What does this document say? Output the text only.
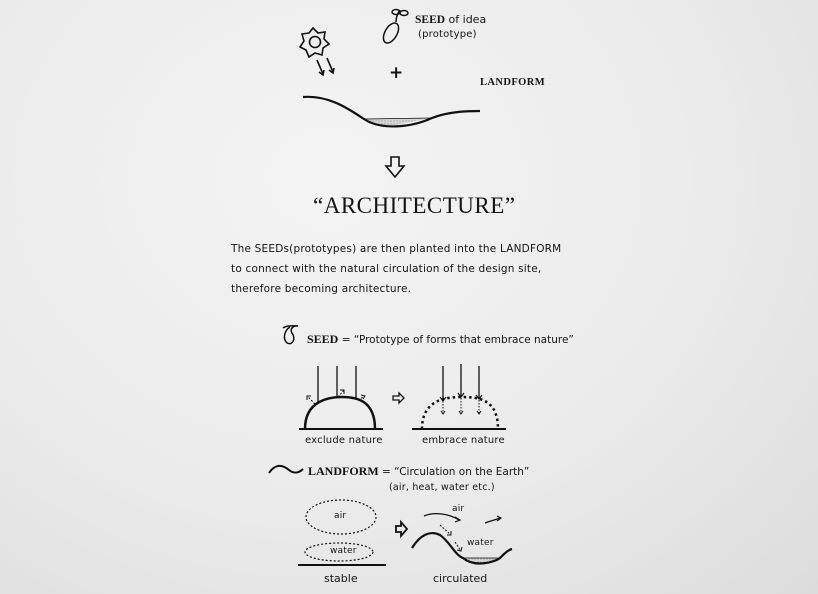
SEED of idea
(prototype)
+	LANDFORM
“ARCHITECTURE”
The SEEDs(prototypes) are then planted into the LANDFORM
to connect with the natural circulation of the design site,
therefore becoming architecture.
SEED = “Prototype of forms that embrace nature”
exclude nature	embrace nature
LANDFORM = “Circulation on the Earth”
(air, heat, water etc.)
air
water
stable
air
water
circulated
